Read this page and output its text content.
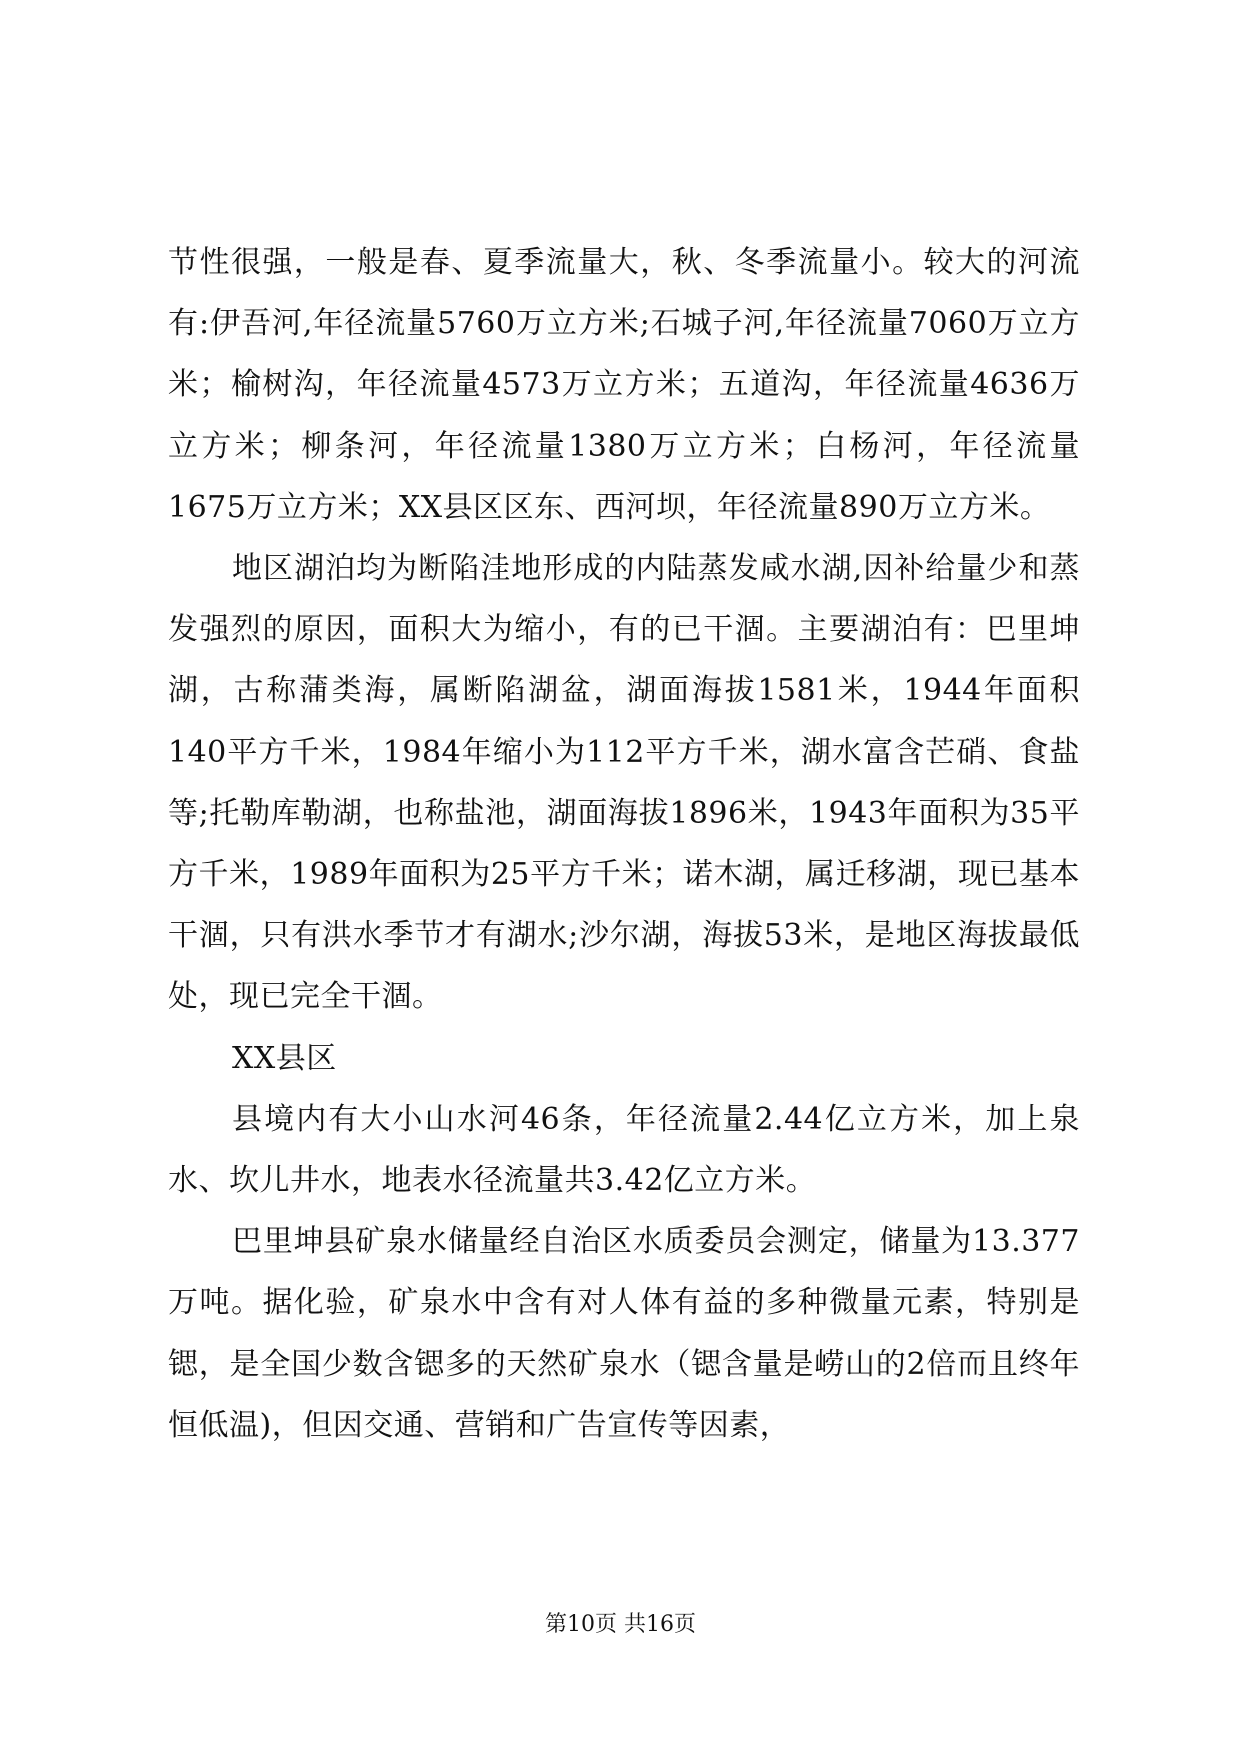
节性很强，一般是春、夏季流量大，秋、冬季流量小。较大的河流有:伊吾河,年径流量5760万立方米;石城子河,年径流量7060万立方米；榆树沟，年径流量4573万立方米；五道沟，年径流量4636万立方米；柳条河，年径流量1380万立方米；白杨河，年径流量1675万立方米；XX县区区东、西河坝，年径流量890万立方米。

地区湖泊均为断陷洼地形成的内陆蒸发咸水湖,因补给量少和蒸发强烈的原因，面积大为缩小，有的已干涸。主要湖泊有：巴里坤湖，古称蒲类海，属断陷湖盆，湖面海拔1581米，1944年面积140平方千米，1984年缩小为112平方千米，湖水富含芒硝、食盐等;托勒库勒湖，也称盐池，湖面海拔1896米，1943年面积为35平方千米，1989年面积为25平方千米；诺木湖，属迁移湖，现已基本干涸，只有洪水季节才有湖水;沙尔湖，海拔53米，是地区海拔最低处，现已完全干涸。

XX县区

县境内有大小山水河46条，年径流量2.44亿立方米，加上泉水、坎儿井水，地表水径流量共3.42亿立方米。

巴里坤县矿泉水储量经自治区水质委员会测定，储量为13.377万吨。据化验，矿泉水中含有对人体有益的多种微量元素，特别是锶，是全国少数含锶多的天然矿泉水（锶含量是崂山的2倍而且终年恒低温)，但因交通、营销和广告宣传等因素，

第10页 共16页
